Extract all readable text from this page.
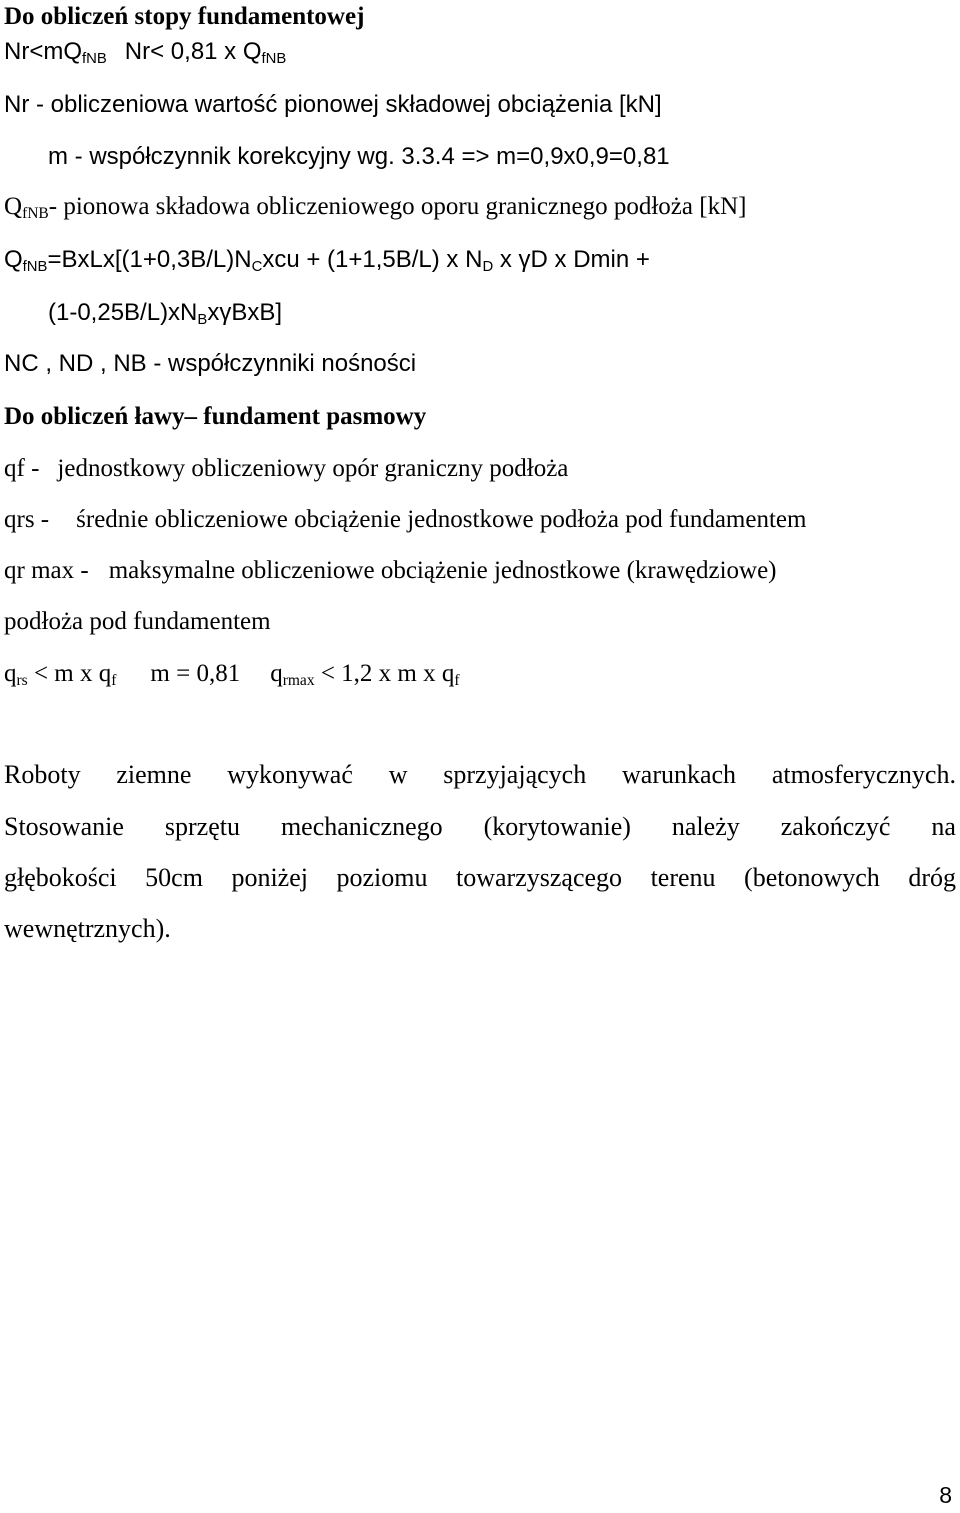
Do obliczeń stopy fundamentowej
$Nr<mQ_{fNB}$ Nr< 0,81 x $Q_{fNB}$
Nr - obliczeniowa wartość pionowej składowej obciążenia [kN]
m - współczynnik korekcyjny wg. 3.3.4 => m=0,9x0,9=0,81
$Q_{fNB}-$ pionowa składowa obliczeniowego oporu granicznego podłoża [kN]
$Q_{fNB}=BxLx[(1+0,3B/L)N_Cxcu + (1+1,5B/L)$ x $N_D$ x γD x Dmin +
$(1-0,25B/L)xN_Bx\gamma BxB$]
NC , ND , NB - współczynniki nośności
Do obliczeń ławy– fundament pasmowy
qf - jednostkowy obliczeniowy opór graniczny podłoża
qrs - średnie obliczeniowe obciążenie jednostkowe podłoża pod fundamentem
qr max - maksymalne obliczeniowe obciążenie jednostkowe (krawędziowe)
podłoża pod fundamentem
$q_{rs} < m$ x $q_f$ m = 0,81 $q_{rmax} < 1,2$ x m x $q_f$
Roboty ziemne wykonywać w sprzyjających warunkach atmosferycznych.
Stosowanie sprzętu mechanicznego (korytowanie) należy zakończyć na
głębokości 50cm poniżej poziomu towarzyszącego terenu (betonowych dróg
wewnętrznych).
8
